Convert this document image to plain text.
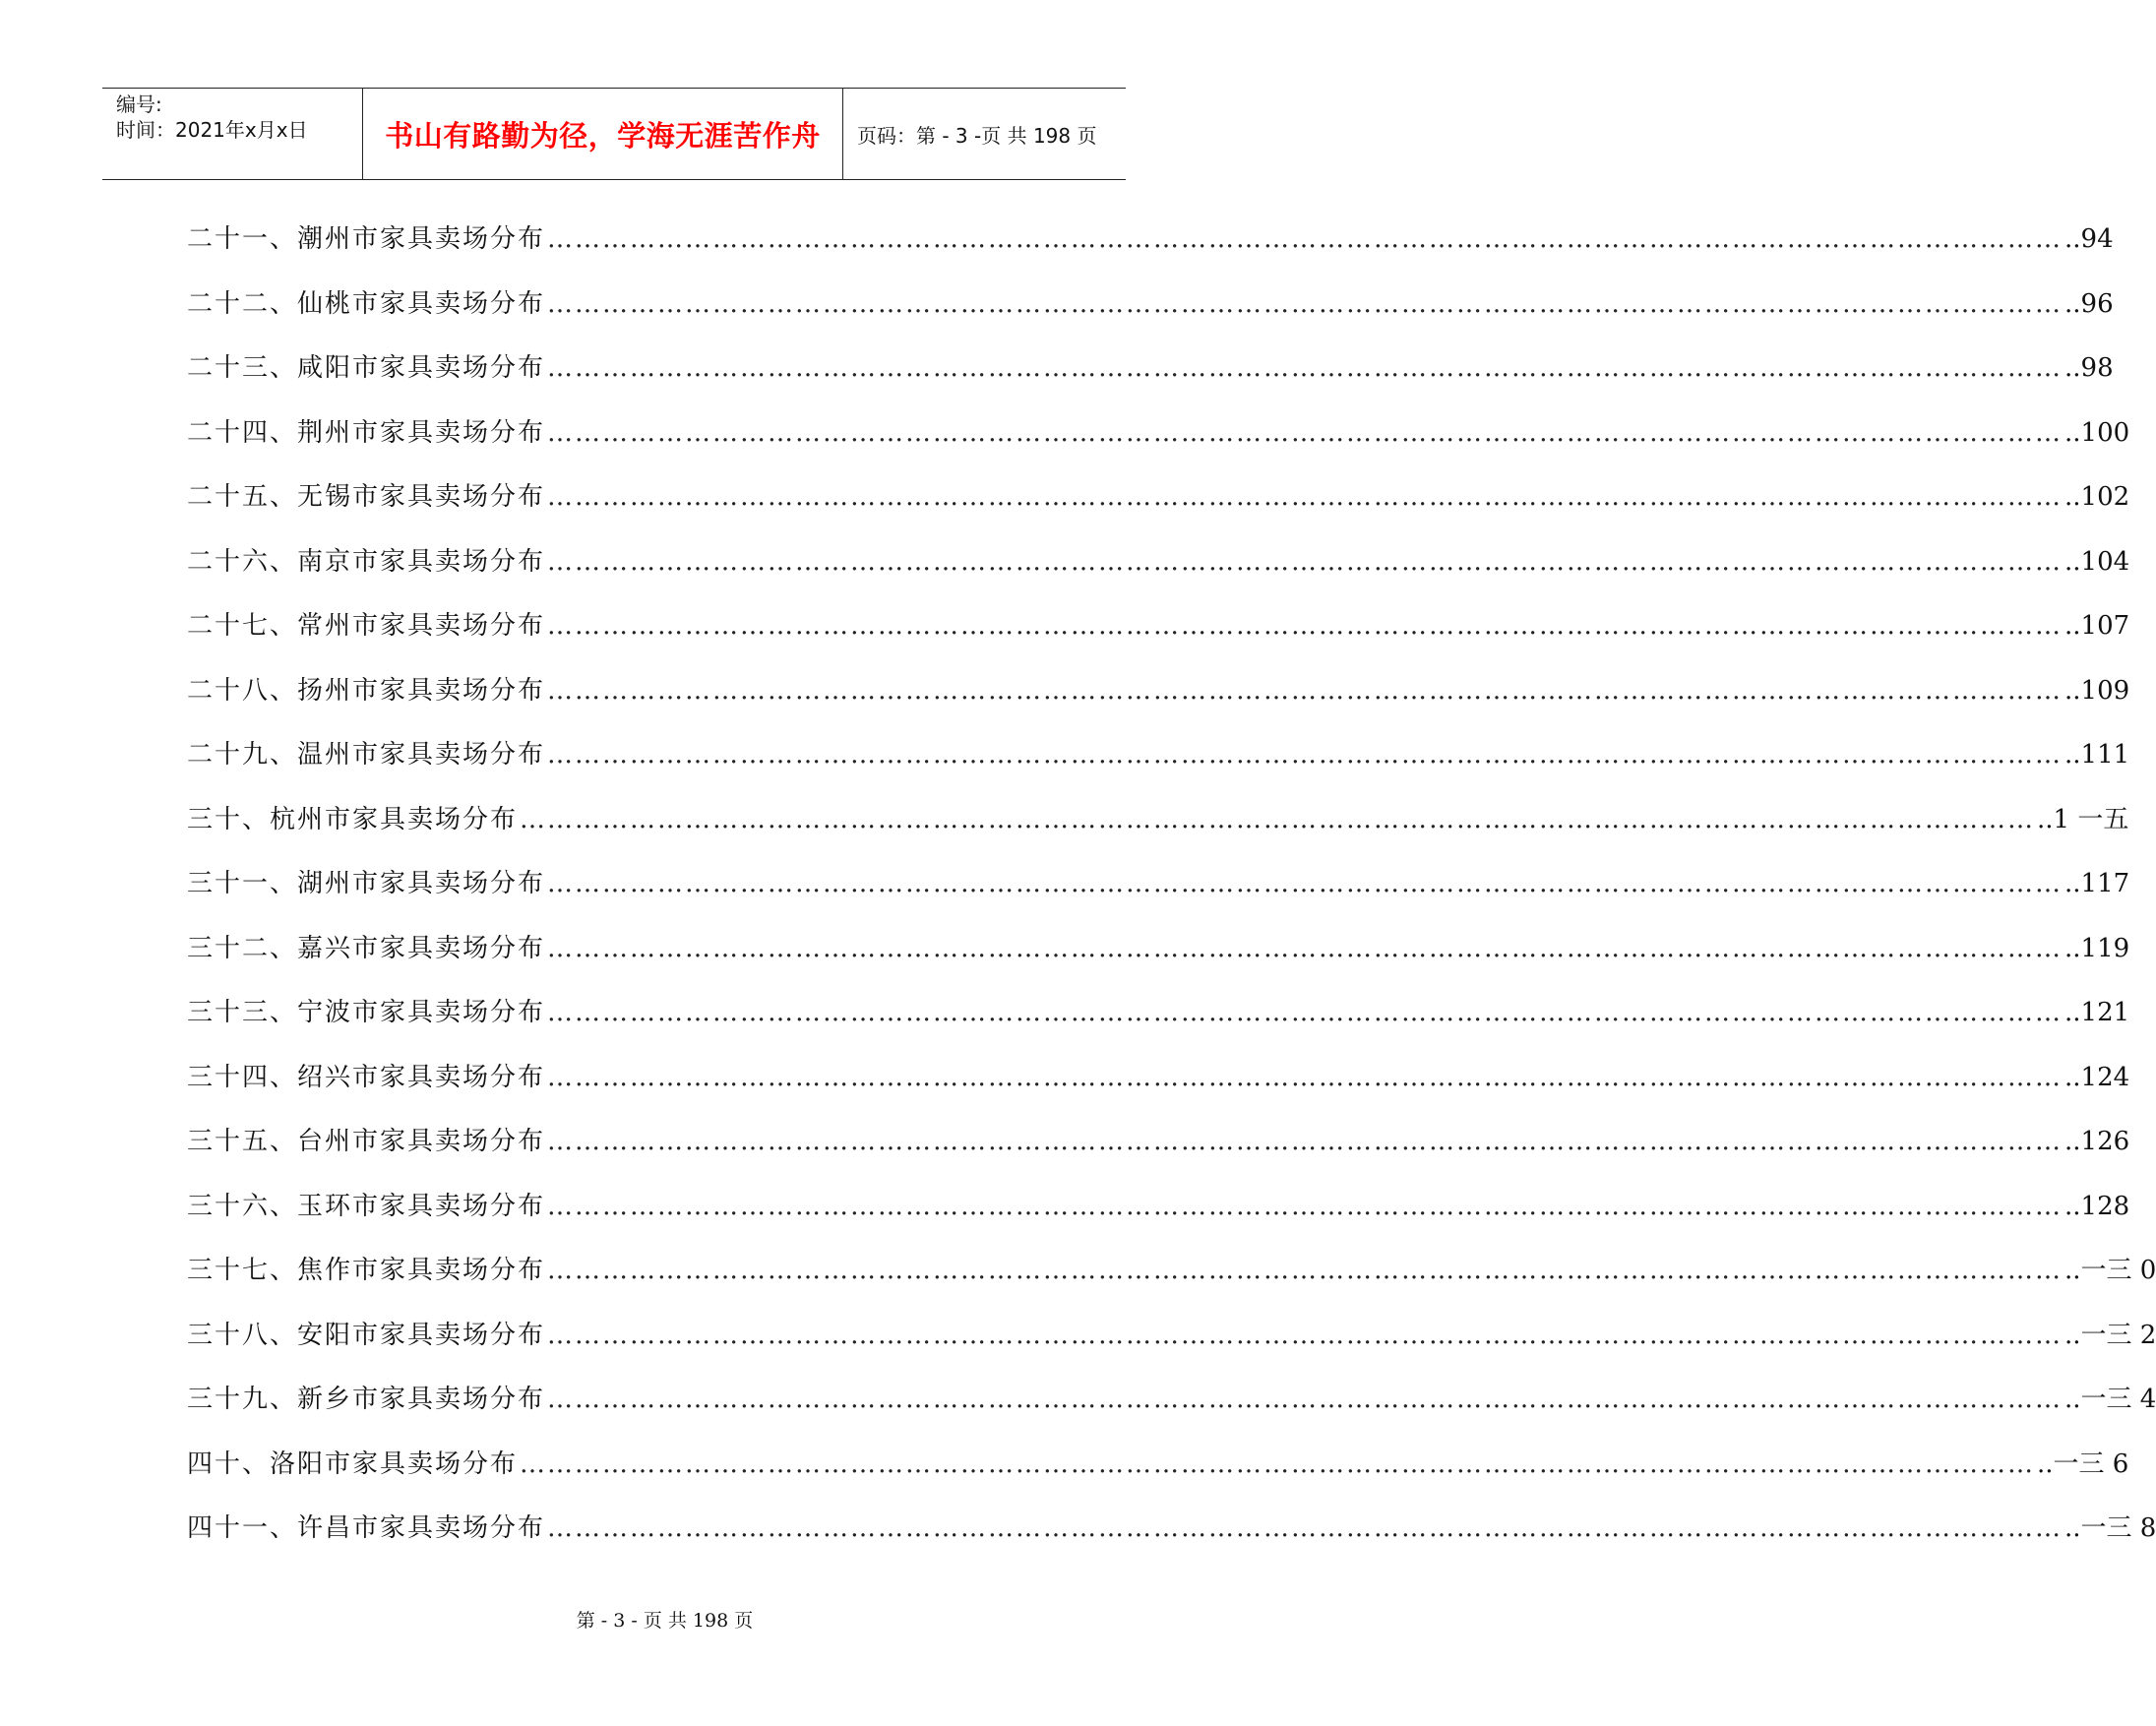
编号:
时间：2021年x月x日	书山有路勤为径，学海无涯苦作舟 页码：第 - 3 -页 共 198 页
二十一、潮州市家具卖场分布 ………………………………………………………………………………………………………………………………………………… ..94
二十二、仙桃市家具卖场分布 ………………………………………………………………………………………………………………………………………………… ..96
二十三、咸阳市家具卖场分布 ………………………………………………………………………………………………………………………………………………… ..98
二十四、荆州市家具卖场分布 ………………………………………………………………………………………………………………………………………………… ..100
二十五、无锡市家具卖场分布 ………………………………………………………………………………………………………………………………………………… ..102
二十六、南京市家具卖场分布 ………………………………………………………………………………………………………………………………………………… ..104
二十七、常州市家具卖场分布 ………………………………………………………………………………………………………………………………………………… ..107
二十八、扬州市家具卖场分布 ………………………………………………………………………………………………………………………………………………… ..109
二十九、温州市家具卖场分布 ………………………………………………………………………………………………………………………………………………… ..111
三十、杭州市家具卖场分布 ………………………………………………………………………………………………………………………………………………… ..1 一五
三十一、湖州市家具卖场分布 ………………………………………………………………………………………………………………………………………………… ..117
三十二、嘉兴市家具卖场分布 ………………………………………………………………………………………………………………………………………………… ..119
三十三、宁波市家具卖场分布 ………………………………………………………………………………………………………………………………………………… ..121
三十四、绍兴市家具卖场分布 ………………………………………………………………………………………………………………………………………………… ..124
三十五、台州市家具卖场分布 ………………………………………………………………………………………………………………………………………………… ..126
三十六、玉环市家具卖场分布 ………………………………………………………………………………………………………………………………………………… ..128
三十七、焦作市家具卖场分布 ………………………………………………………………………………………………………………………………………………… ..一三 0
三十八、安阳市家具卖场分布 ………………………………………………………………………………………………………………………………………………… ..一三 2
三十九、新乡市家具卖场分布 ………………………………………………………………………………………………………………………………………………… ..一三 4
四十、洛阳市家具卖场分布 ………………………………………………………………………………………………………………………………………………… ..一三 6
四十一、许昌市家具卖场分布 ………………………………………………………………………………………………………………………………………………… ..一三 8
第 - 3 - 页 共 198 页
